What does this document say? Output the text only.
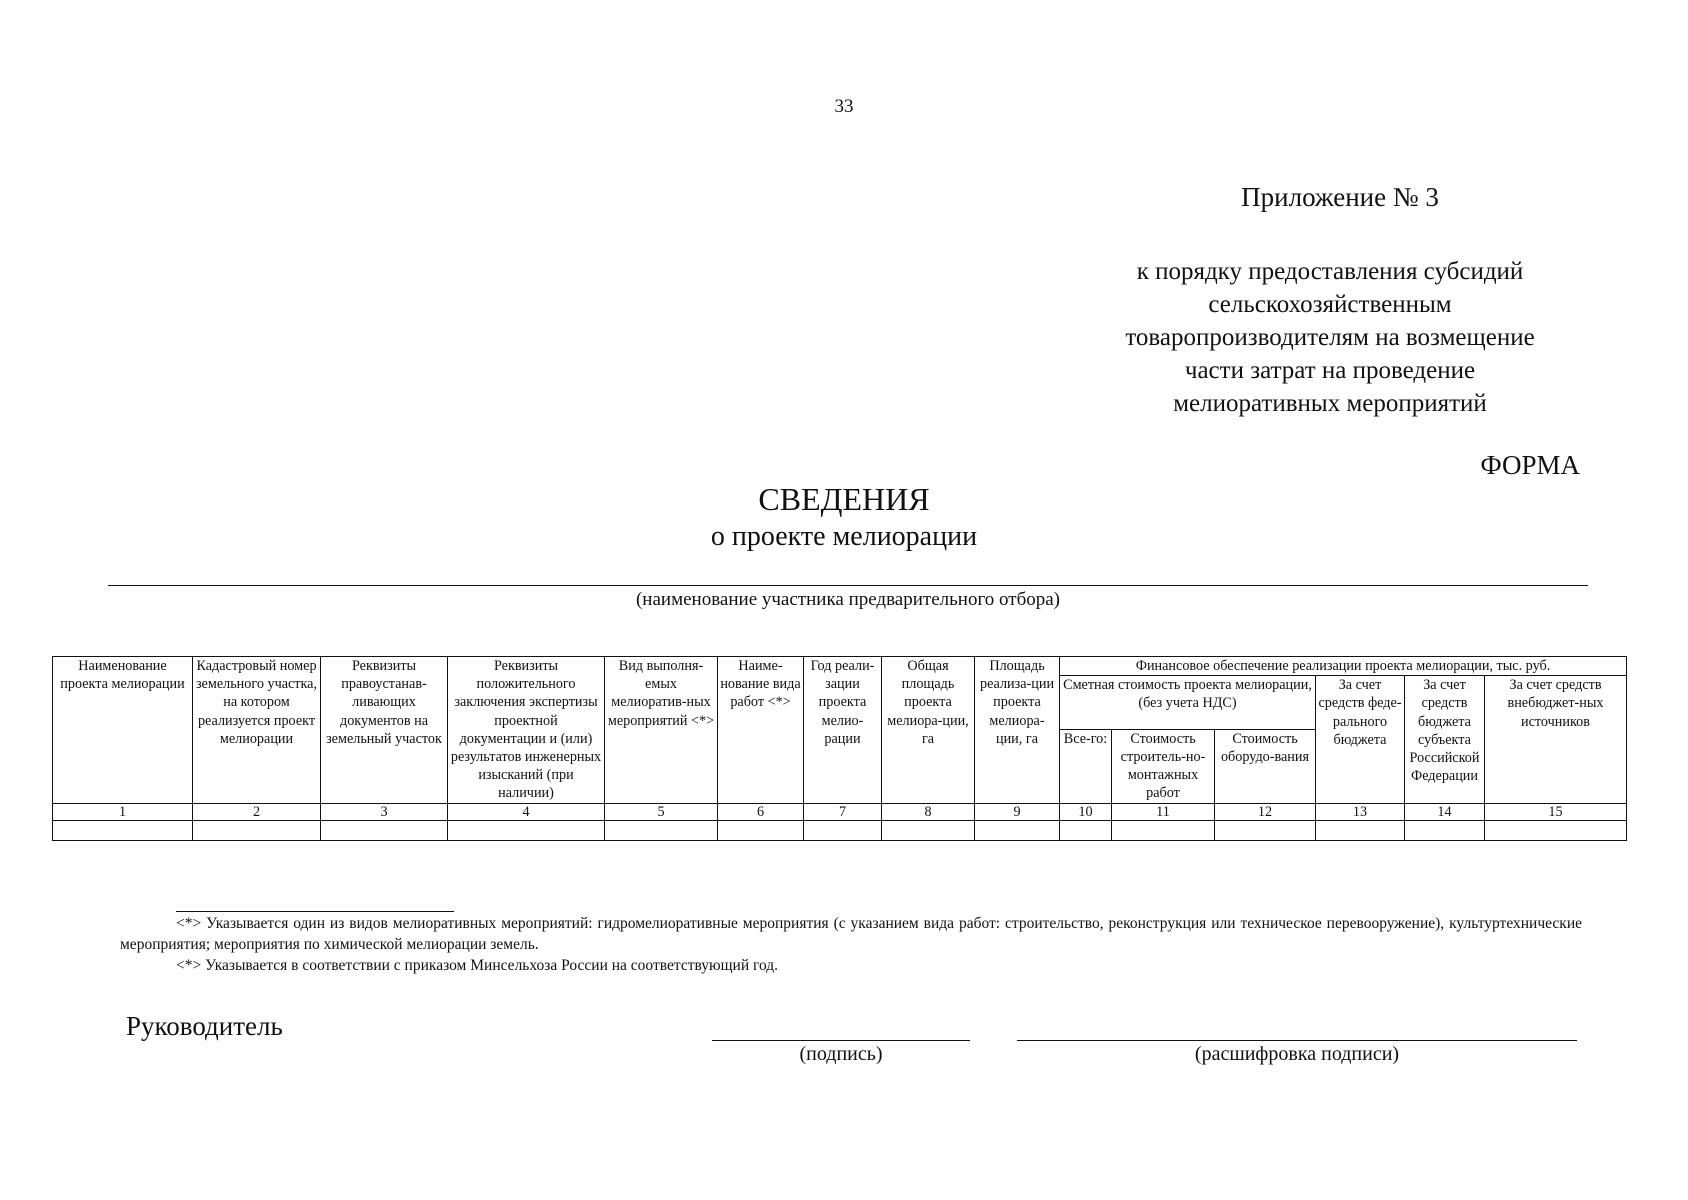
33
Приложение № 3
к порядку предоставления субсидий
сельскохозяйственным
товаропроизводителям на возмещение
части затрат на проведение
мелиоративных мероприятий
ФОРМА
СВЕДЕНИЯ
о проекте мелиорации
(наименование участника предварительного отбора)
Наименование проекта мелиорации	Кадастровый номер земельного участка, на котором реализуется проект мелиорации	Реквизиты правоустанав-ливающих документов на земельный участок	Реквизиты положительного заключения экспертизы проектной документации и (или) результатов инженерных изысканий (при наличии)	Вид выполня-емых мелиоратив-ных мероприятий <*>	Наиме-нование вида работ <*>	Год реали-зации проекта мелио-рации	Общая площадь проекта мелиора-ции, га	Площадь реализа-ции проекта мелиора-ции, га	Финансовое обеспечение реализации проекта мелиорации, тыс. руб.					
									Сметная стоимость проекта мелиорации, (без учета НДС)			За счет средств феде-рального бюджета	За счет средств бюджета субъекта Российской Федерации	За счет средств внебюджет-ных источников
									Все-го:	Стоимость строитель-но-монтажных работ	Стоимость оборудо-вания			
1	2	3	4	5	6	7	8	9	10	11	12	13	14	15

<*> Указывается один из видов мелиоративных мероприятий: гидромелиоративные мероприятия (с указанием вида работ: строительство, реконструкция или техническое перевооружение), культуртехнические мероприятия; мероприятия по химической мелиорации земель.

<*> Указывается в соответствии с приказом Минсельхоза России на соответствующий год.

Руководитель
(подпись)	(расшифровка подписи)
